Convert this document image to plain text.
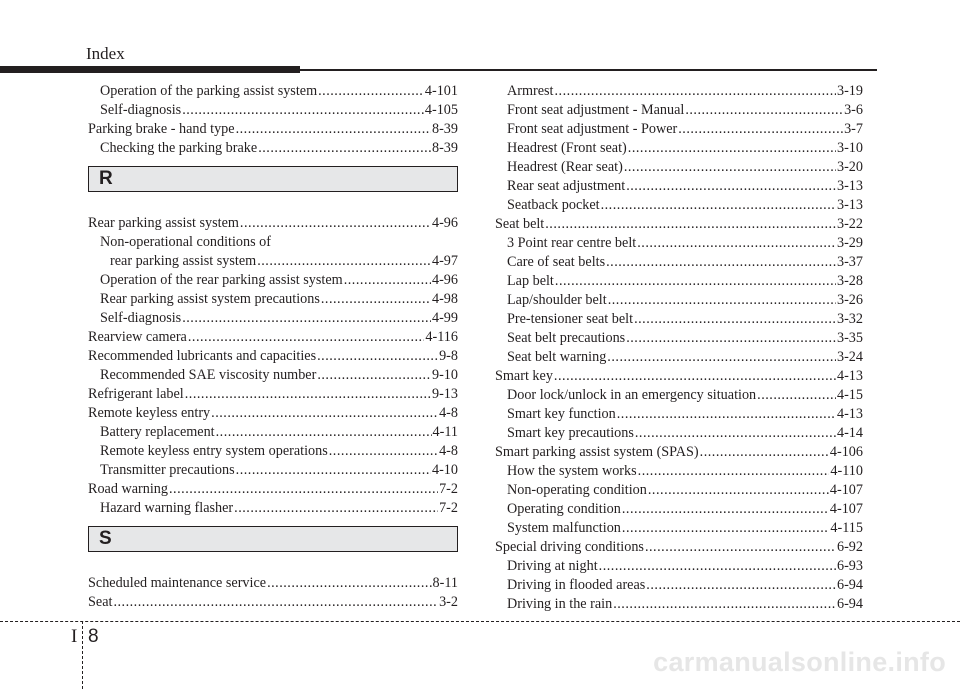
Index
Operation of the parking assist system .....	4-101
Self-diagnosis .....	4-105
Parking brake - hand type .....	8-39
Checking the parking brake .....	8-39
R
Rear parking assist system .....	4-96
Non-operational conditions of
rear parking assist system .....	4-97
Operation of the rear parking assist system .....	4-96
Rear parking assist system precautions .....	4-98
Self-diagnosis .....	4-99
Rearview camera .....	4-116
Recommended lubricants and capacities .....	9-8
Recommended SAE viscosity number .....	9-10
Refrigerant label .....	9-13
Remote keyless entry .....	4-8
Battery replacement .....	4-11
Remote keyless entry system operations .....	4-8
Transmitter precautions .....	4-10
Road warning .....	7-2
Hazard warning flasher .....	7-2
S
Scheduled maintenance service .....	8-11
Seat .....	3-2
Armrest .....	3-19
Front seat adjustment - Manual .....	3-6
Front seat adjustment - Power .....	3-7
Headrest (Front seat) .....	3-10
Headrest (Rear seat) .....	3-20
Rear seat adjustment .....	3-13
Seatback pocket .....	3-13
Seat belt .....	3-22
3 Point rear centre belt .....	3-29
Care of seat belts .....	3-37
Lap belt .....	3-28
Lap/shoulder belt .....	3-26
Pre-tensioner seat belt .....	3-32
Seat belt precautions .....	3-35
Seat belt warning .....	3-24
Smart key .....	4-13
Door lock/unlock in an emergency situation .....	4-15
Smart key function .....	4-13
Smart key precautions .....	4-14
Smart parking assist system (SPAS) .....	4-106
How the system works .....	4-110
Non-operating condition .....	4-107
Operating condition .....	4-107
System malfunction .....	4-115
Special driving conditions .....	6-92
Driving at night .....	6-93
Driving in flooded areas .....	6-94
Driving in the rain .....	6-94
I 8
carmanualsonline.info
